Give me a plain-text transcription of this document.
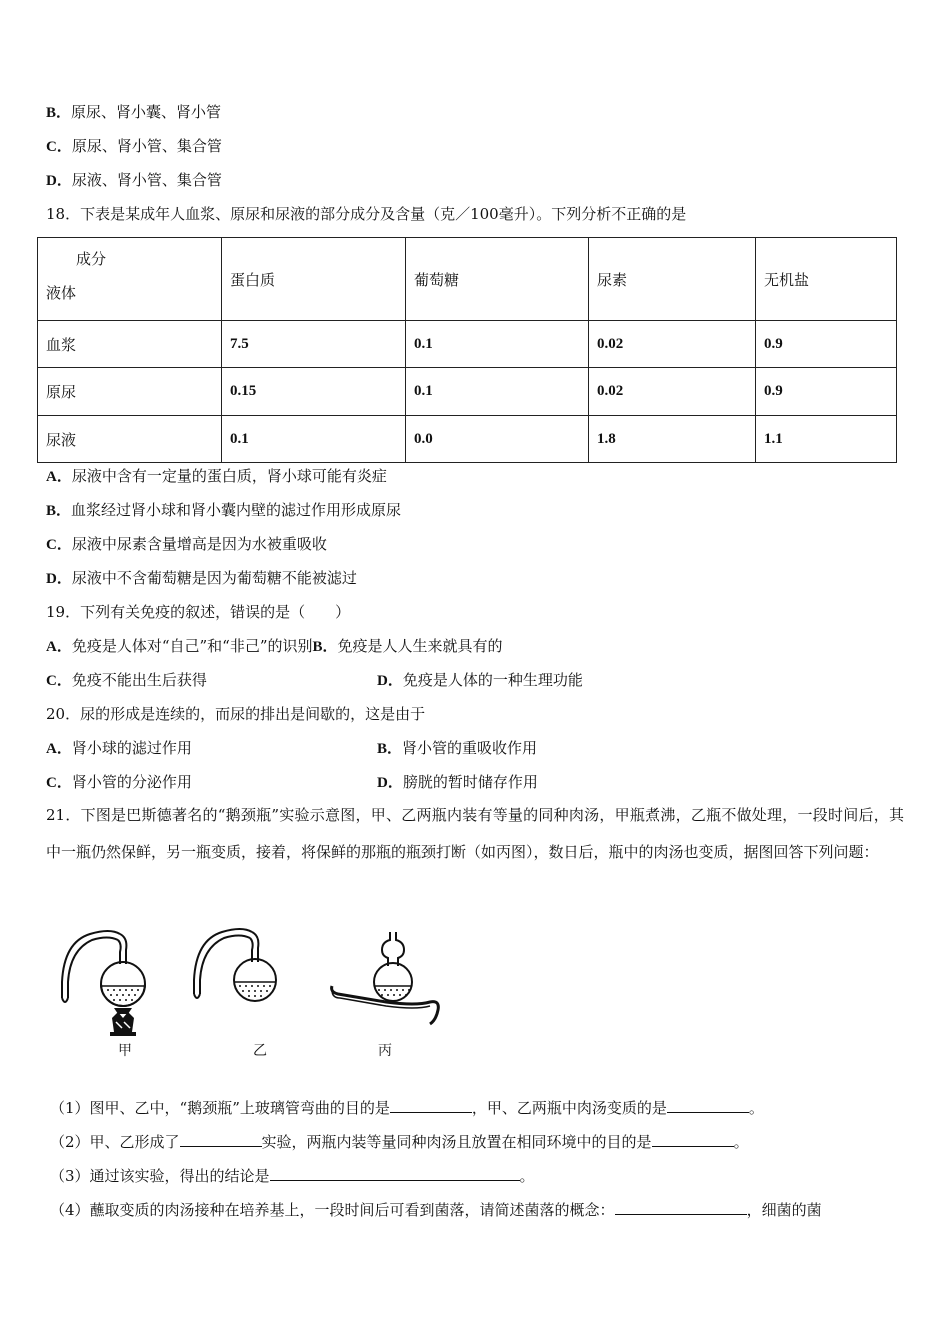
B．原尿、肾小囊、肾小管
C．原尿、肾小管、集合管
D．尿液、肾小管、集合管
18．下表是某成年人血浆、原尿和尿液的部分成分及含量（克／100毫升）。下列分析不正确的是
成分
液体	蛋白质	葡萄糖	尿素	无机盐
血浆	7.5	0.1	0.02	0.9
原尿	0.15	0.1	0.02	0.9
尿液	0.1	0.0	1.8	1.1
A．尿液中含有一定量的蛋白质，肾小球可能有炎症
B．血浆经过肾小球和肾小囊内壁的滤过作用形成原尿
C．尿液中尿素含量增高是因为水被重吸收
D．尿液中不含葡萄糖是因为葡萄糖不能被滤过
19．下列有关免疫的叙述，错误的是（　　）
A．免疫是人体对“自己”和“非己”的识别B．免疫是人人生来就具有的
C．免疫不能出生后获得	D．免疫是人体的一种生理功能
20．尿的形成是连续的，而尿的排出是间歇的，这是由于
A．肾小球的滤过作用	B．肾小管的重吸收作用
C．肾小管的分泌作用	D．膀胱的暂时储存作用
21．下图是巴斯德著名的“鹅颈瓶”实验示意图，甲、乙两瓶内装有等量的同种肉汤，甲瓶煮沸，乙瓶不做处理，一段时间后，其中一瓶仍然保鲜，另一瓶变质，接着，将保鲜的那瓶的瓶颈打断（如丙图），数日后，瓶中的肉汤也变质，据图回答下列问题：
甲	乙	丙
（1）图甲、乙中，“鹅颈瓶”上玻璃管弯曲的目的是	，甲、乙两瓶中肉汤变质的是	。
（2）甲、乙形成了	实验，两瓶内装等量同种肉汤且放置在相同环境中的目的是	。
（3）通过该实验，得出的结论是	。
（4）蘸取变质的肉汤接种在培养基上，一段时间后可看到菌落，请简述菌落的概念：	，细菌的菌
